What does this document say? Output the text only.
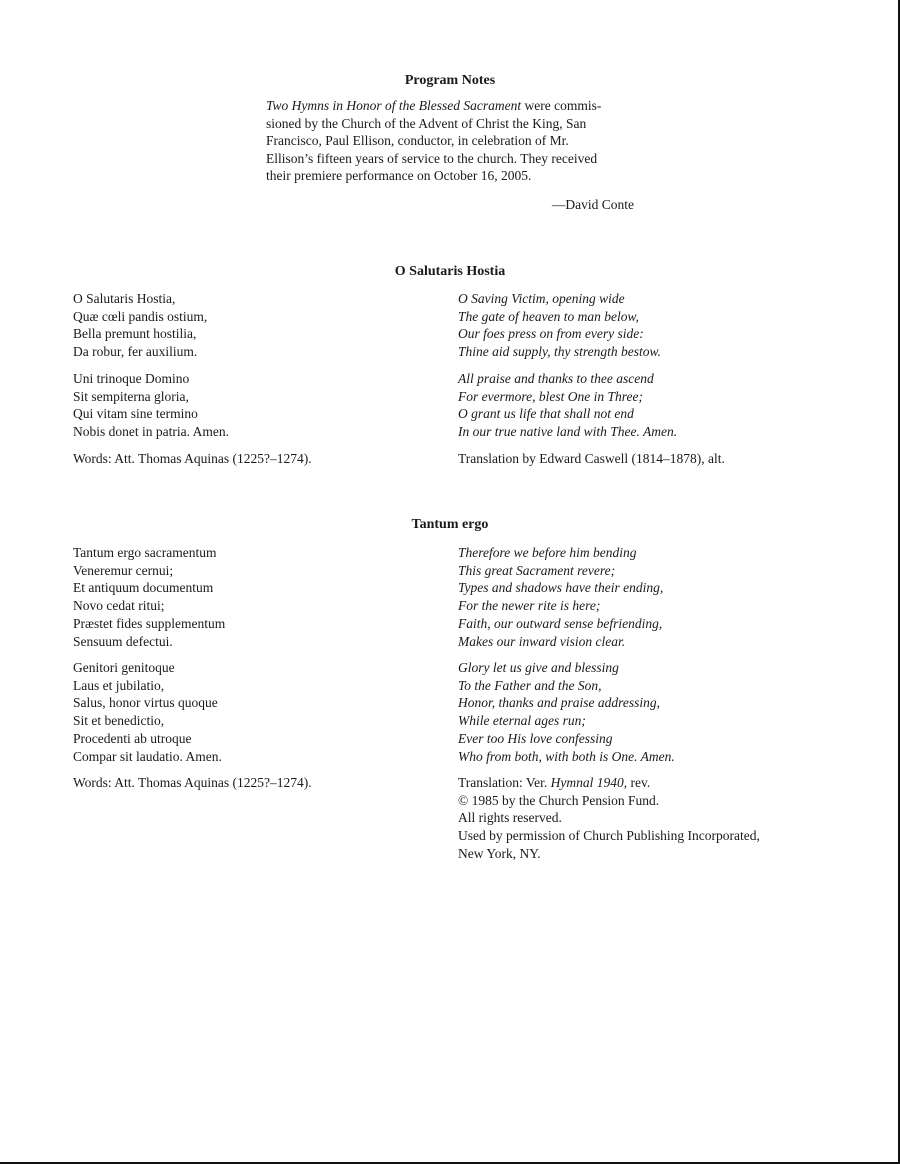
Program Notes
Two Hymns in Honor of the Blessed Sacrament were commis-
sioned by the Church of the Advent of Christ the King, San
Francisco, Paul Ellison, conductor, in celebration of Mr.
Ellison’s fifteen years of service to the church. They received
their premiere performance on October 16, 2005.
—David Conte
O Salutaris Hostia
O Salutaris Hostia,
Quæ cœli pandis ostium,
Bella premunt hostilia,
Da robur, fer auxilium.
O Saving Victim, opening wide
The gate of heaven to man below,
Our foes press on from every side:
Thine aid supply, thy strength bestow.
Uni trinoque Domino
Sit sempiterna gloria,
Qui vitam sine termino
Nobis donet in patria. Amen.
All praise and thanks to thee ascend
For evermore, blest One in Three;
O grant us life that shall not end
In our true native land with Thee. Amen.
Words: Att. Thomas Aquinas (1225?–1274).	Translation by Edward Caswell (1814–1878), alt.
Tantum ergo
Tantum ergo sacramentum
Veneremur cernui;
Et antiquum documentum
Novo cedat ritui;
Præstet fides supplementum
Sensuum defectui.
Therefore we before him bending
This great Sacrament revere;
Types and shadows have their ending,
For the newer rite is here;
Faith, our outward sense befriending,
Makes our inward vision clear.
Genitori genitoque
Laus et jubilatio,
Salus, honor virtus quoque
Sit et benedictio,
Procedenti ab utroque
Compar sit laudatio. Amen.
Glory let us give and blessing
To the Father and the Son,
Honor, thanks and praise addressing,
While eternal ages run;
Ever too His love confessing
Who from both, with both is One. Amen.
Words: Att. Thomas Aquinas (1225?–1274).	Translation: Ver. Hymnal 1940, rev.
© 1985 by the Church Pension Fund.
All rights reserved.
Used by permission of Church Publishing Incorporated,
New York, NY.
